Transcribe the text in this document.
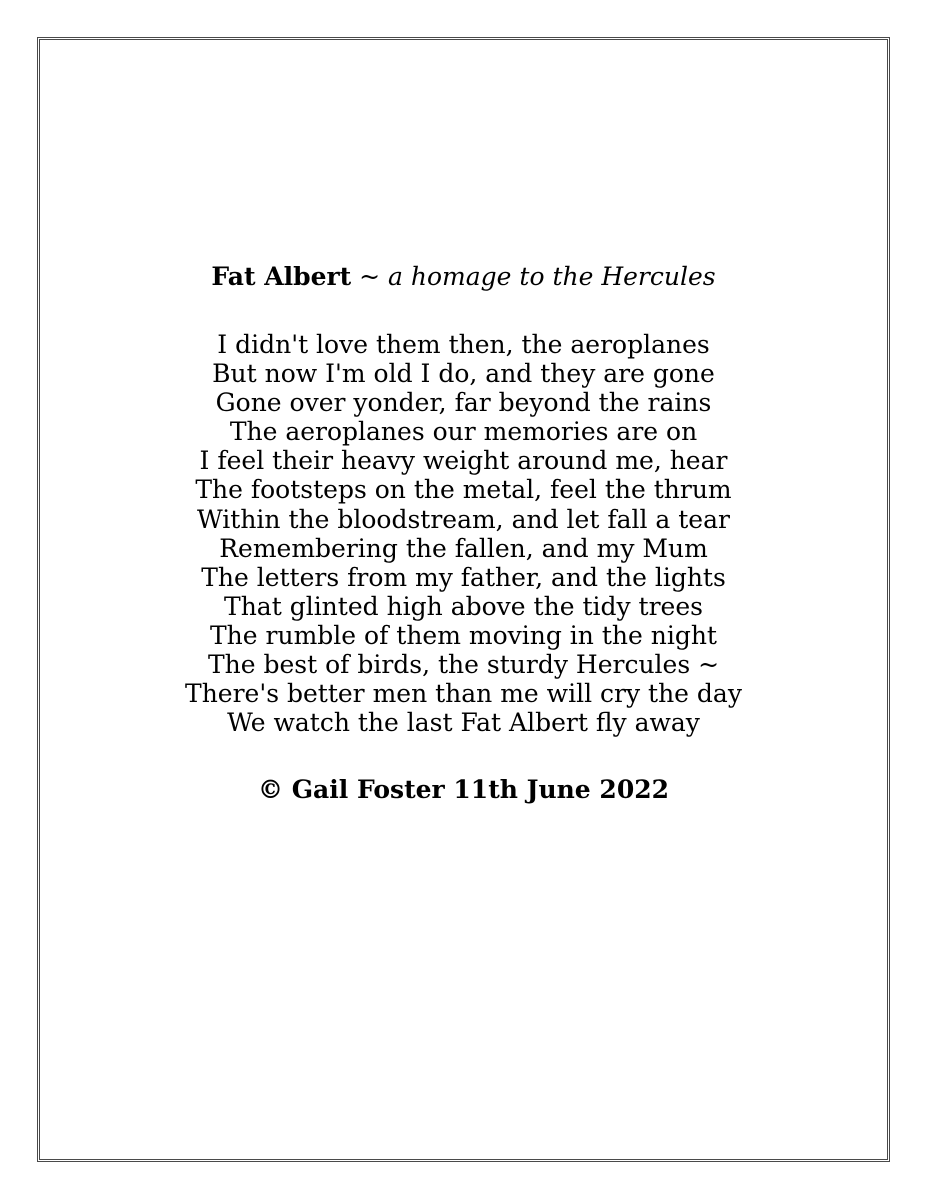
Fat Albert ~ a homage to the Hercules
I didn't love them then, the aeroplanes
But now I'm old I do, and they are gone
Gone over yonder, far beyond the rains
The aeroplanes our memories are on
I feel their heavy weight around me, hear
The footsteps on the metal, feel the thrum
Within the bloodstream, and let fall a tear
Remembering the fallen, and my Mum
The letters from my father, and the lights
That glinted high above the tidy trees
The rumble of them moving in the night
The best of birds, the sturdy Hercules ~
There's better men than me will cry the day
We watch the last Fat Albert fly away
© Gail Foster 11th June 2022
